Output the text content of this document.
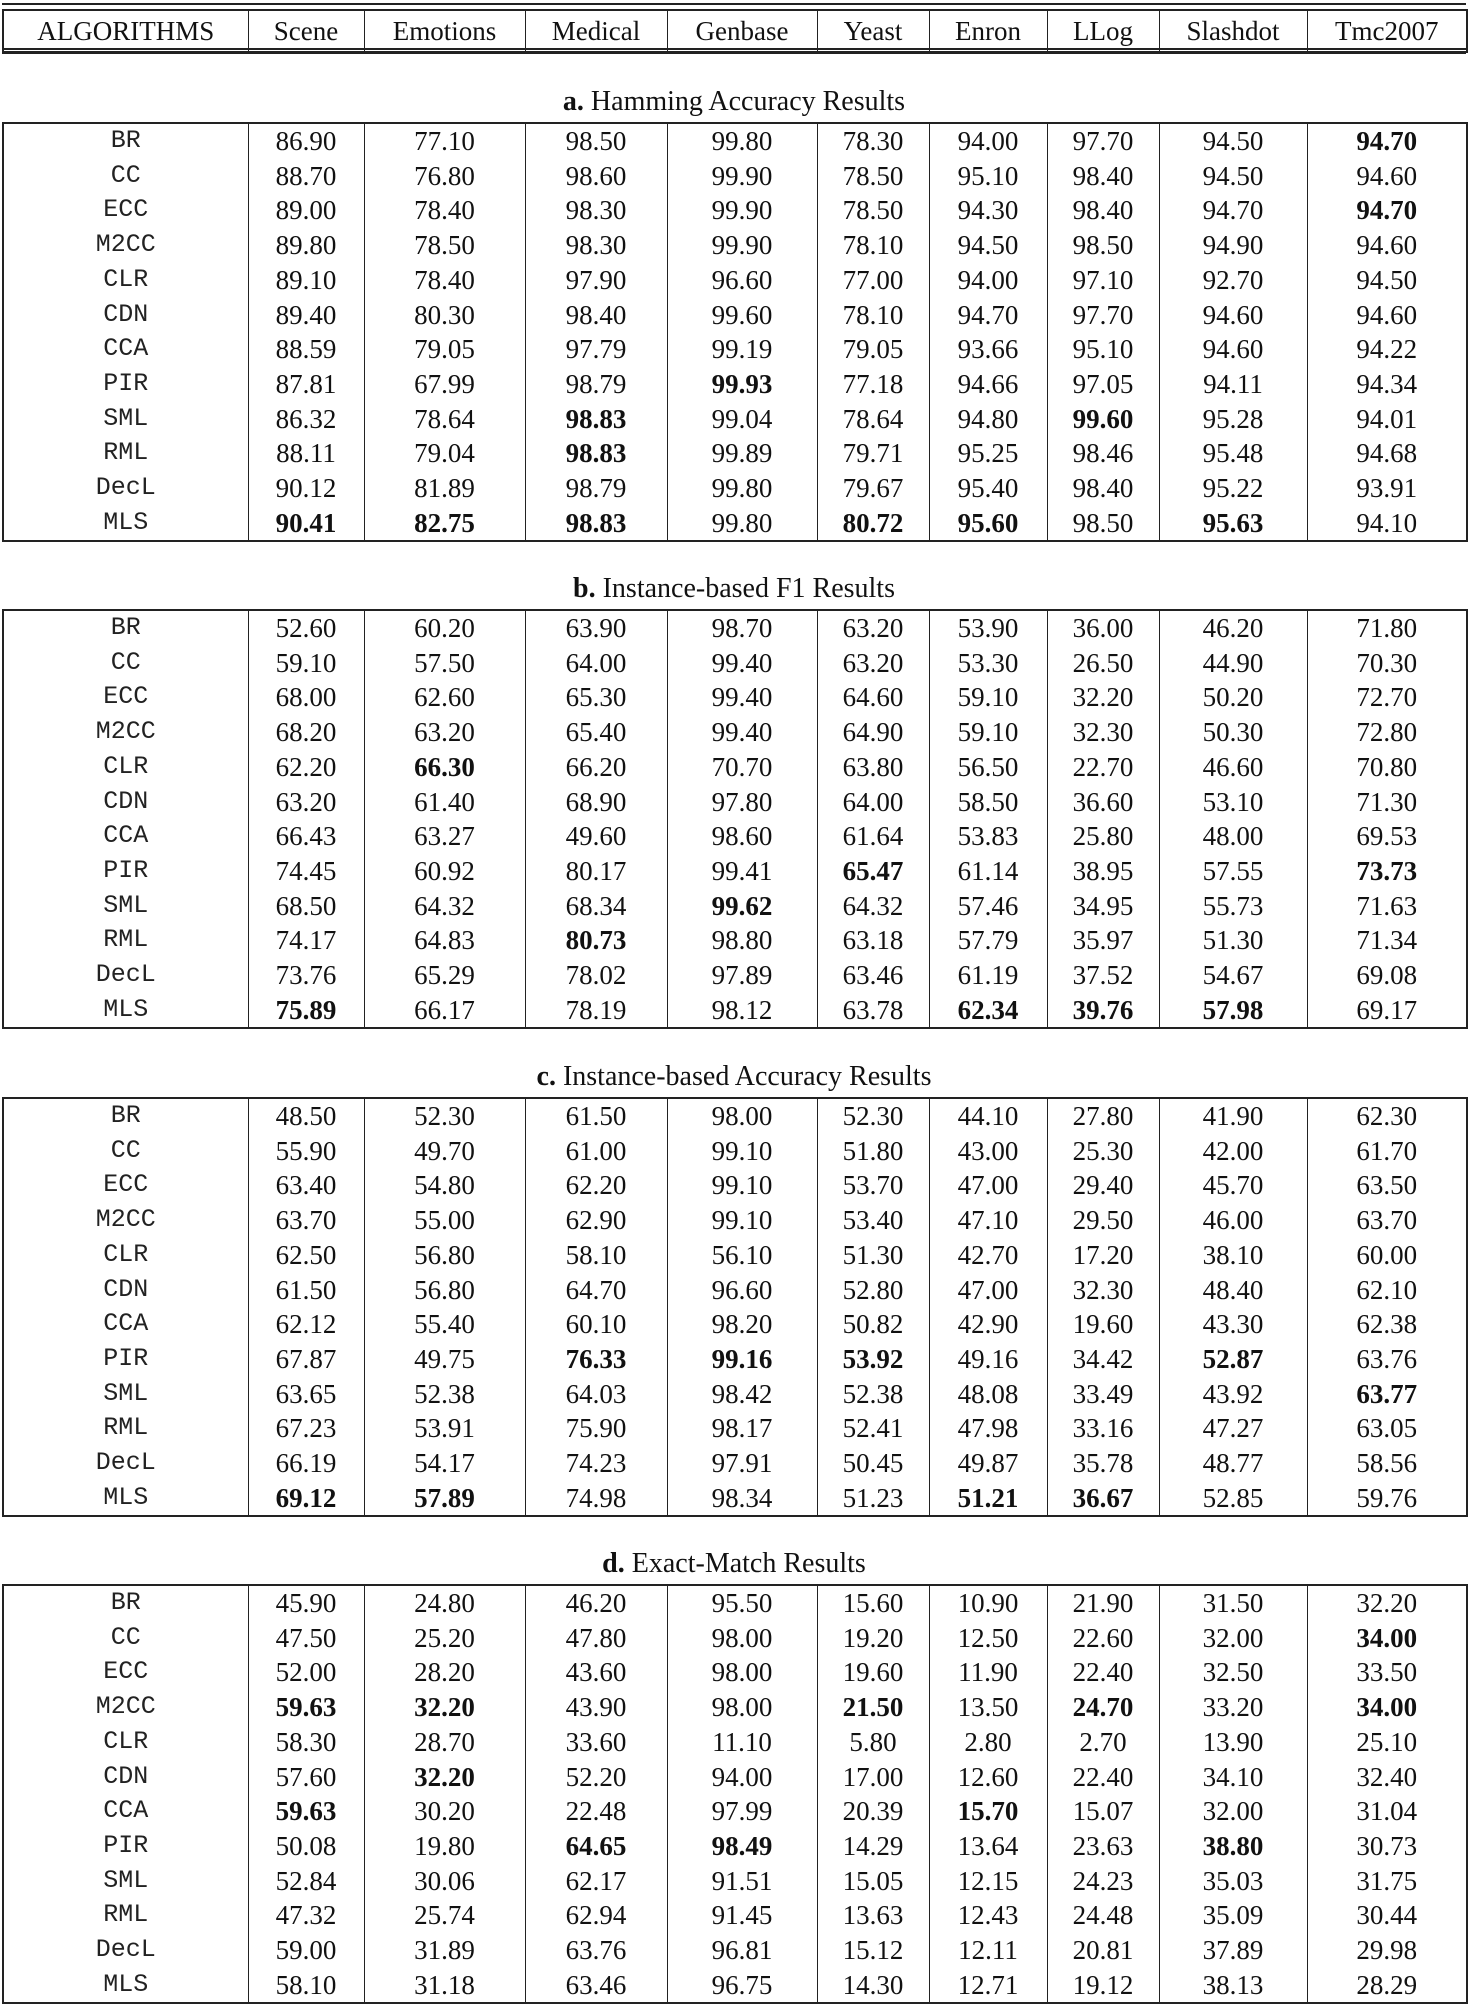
ALGORITHMS	Scene	Emotions	Medical	Genbase	Yeast	Enron	LLog	Slashdot	Tmc2007
a. Hamming Accuracy Results
BR	86.90	77.10	98.50	99.80	78.30	94.00	97.70	94.50	94.70
CC	88.70	76.80	98.60	99.90	78.50	95.10	98.40	94.50	94.60
ECC	89.00	78.40	98.30	99.90	78.50	94.30	98.40	94.70	94.70
M2CC	89.80	78.50	98.30	99.90	78.10	94.50	98.50	94.90	94.60
CLR	89.10	78.40	97.90	96.60	77.00	94.00	97.10	92.70	94.50
CDN	89.40	80.30	98.40	99.60	78.10	94.70	97.70	94.60	94.60
CCA	88.59	79.05	97.79	99.19	79.05	93.66	95.10	94.60	94.22
PIR	87.81	67.99	98.79	99.93	77.18	94.66	97.05	94.11	94.34
SML	86.32	78.64	98.83	99.04	78.64	94.80	99.60	95.28	94.01
RML	88.11	79.04	98.83	99.89	79.71	95.25	98.46	95.48	94.68
DecL	90.12	81.89	98.79	99.80	79.67	95.40	98.40	95.22	93.91
MLS	90.41	82.75	98.83	99.80	80.72	95.60	98.50	95.63	94.10
b. Instance-based F1 Results
BR	52.60	60.20	63.90	98.70	63.20	53.90	36.00	46.20	71.80
CC	59.10	57.50	64.00	99.40	63.20	53.30	26.50	44.90	70.30
ECC	68.00	62.60	65.30	99.40	64.60	59.10	32.20	50.20	72.70
M2CC	68.20	63.20	65.40	99.40	64.90	59.10	32.30	50.30	72.80
CLR	62.20	66.30	66.20	70.70	63.80	56.50	22.70	46.60	70.80
CDN	63.20	61.40	68.90	97.80	64.00	58.50	36.60	53.10	71.30
CCA	66.43	63.27	49.60	98.60	61.64	53.83	25.80	48.00	69.53
PIR	74.45	60.92	80.17	99.41	65.47	61.14	38.95	57.55	73.73
SML	68.50	64.32	68.34	99.62	64.32	57.46	34.95	55.73	71.63
RML	74.17	64.83	80.73	98.80	63.18	57.79	35.97	51.30	71.34
DecL	73.76	65.29	78.02	97.89	63.46	61.19	37.52	54.67	69.08
MLS	75.89	66.17	78.19	98.12	63.78	62.34	39.76	57.98	69.17
c. Instance-based Accuracy Results
BR	48.50	52.30	61.50	98.00	52.30	44.10	27.80	41.90	62.30
CC	55.90	49.70	61.00	99.10	51.80	43.00	25.30	42.00	61.70
ECC	63.40	54.80	62.20	99.10	53.70	47.00	29.40	45.70	63.50
M2CC	63.70	55.00	62.90	99.10	53.40	47.10	29.50	46.00	63.70
CLR	62.50	56.80	58.10	56.10	51.30	42.70	17.20	38.10	60.00
CDN	61.50	56.80	64.70	96.60	52.80	47.00	32.30	48.40	62.10
CCA	62.12	55.40	60.10	98.20	50.82	42.90	19.60	43.30	62.38
PIR	67.87	49.75	76.33	99.16	53.92	49.16	34.42	52.87	63.76
SML	63.65	52.38	64.03	98.42	52.38	48.08	33.49	43.92	63.77
RML	67.23	53.91	75.90	98.17	52.41	47.98	33.16	47.27	63.05
DecL	66.19	54.17	74.23	97.91	50.45	49.87	35.78	48.77	58.56
MLS	69.12	57.89	74.98	98.34	51.23	51.21	36.67	52.85	59.76
d. Exact-Match Results
BR	45.90	24.80	46.20	95.50	15.60	10.90	21.90	31.50	32.20
CC	47.50	25.20	47.80	98.00	19.20	12.50	22.60	32.00	34.00
ECC	52.00	28.20	43.60	98.00	19.60	11.90	22.40	32.50	33.50
M2CC	59.63	32.20	43.90	98.00	21.50	13.50	24.70	33.20	34.00
CLR	58.30	28.70	33.60	11.10	5.80	2.80	2.70	13.90	25.10
CDN	57.60	32.20	52.20	94.00	17.00	12.60	22.40	34.10	32.40
CCA	59.63	30.20	22.48	97.99	20.39	15.70	15.07	32.00	31.04
PIR	50.08	19.80	64.65	98.49	14.29	13.64	23.63	38.80	30.73
SML	52.84	30.06	62.17	91.51	15.05	12.15	24.23	35.03	31.75
RML	47.32	25.74	62.94	91.45	13.63	12.43	24.48	35.09	30.44
DecL	59.00	31.89	63.76	96.81	15.12	12.11	20.81	37.89	29.98
MLS	58.10	31.18	63.46	96.75	14.30	12.71	19.12	38.13	28.29
